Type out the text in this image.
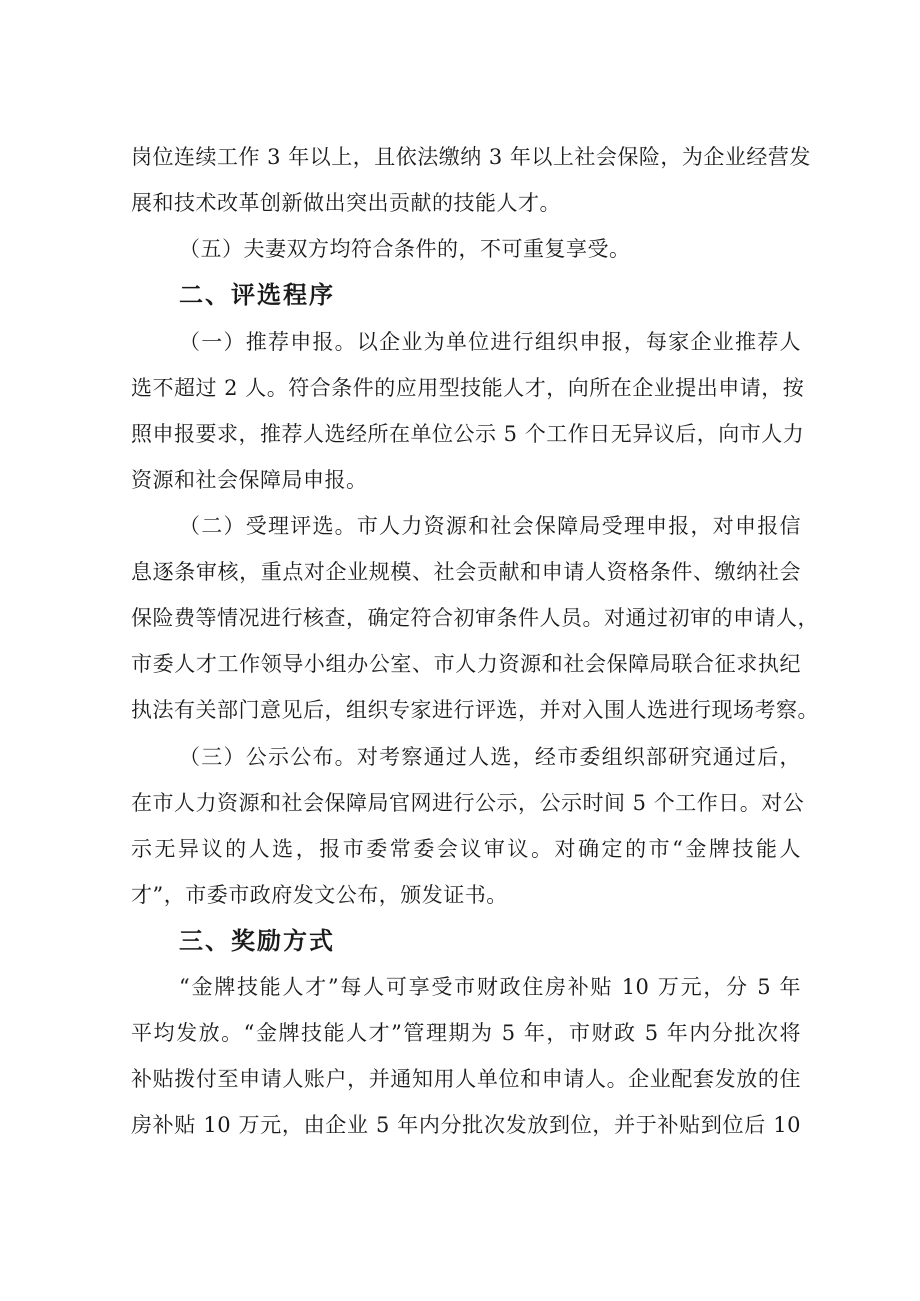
岗位连续工作 3 年以上，且依法缴纳 3 年以上社会保险，为企业经营发
展和技术改革创新做出突出贡献的技能人才。
（五）夫妻双方均符合条件的，不可重复享受。
二、评选程序
（一）推荐申报。以企业为单位进行组织申报，每家企业推荐人
选不超过 2 人。符合条件的应用型技能人才，向所在企业提出申请，按
照申报要求，推荐人选经所在单位公示 5 个工作日无异议后，向市人力
资源和社会保障局申报。
（二）受理评选。市人力资源和社会保障局受理申报，对申报信
息逐条审核，重点对企业规模、社会贡献和申请人资格条件、缴纳社会
保险费等情况进行核查，确定符合初审条件人员。对通过初审的申请人，
市委人才工作领导小组办公室、市人力资源和社会保障局联合征求执纪
执法有关部门意见后，组织专家进行评选，并对入围人选进行现场考察。
（三）公示公布。对考察通过人选，经市委组织部研究通过后，
在市人力资源和社会保障局官网进行公示，公示时间 5 个工作日。对公
示无异议的人选，报市委常委会议审议。对确定的市“金牌技能人
才”，市委市政府发文公布，颁发证书。
三、奖励方式
“金牌技能人才”每人可享受市财政住房补贴 10 万元，分 5 年
平均发放。“金牌技能人才”管理期为 5 年，市财政 5 年内分批次将
补贴拨付至申请人账户，并通知用人单位和申请人。企业配套发放的住
房补贴 10 万元，由企业 5 年内分批次发放到位，并于补贴到位后 10
